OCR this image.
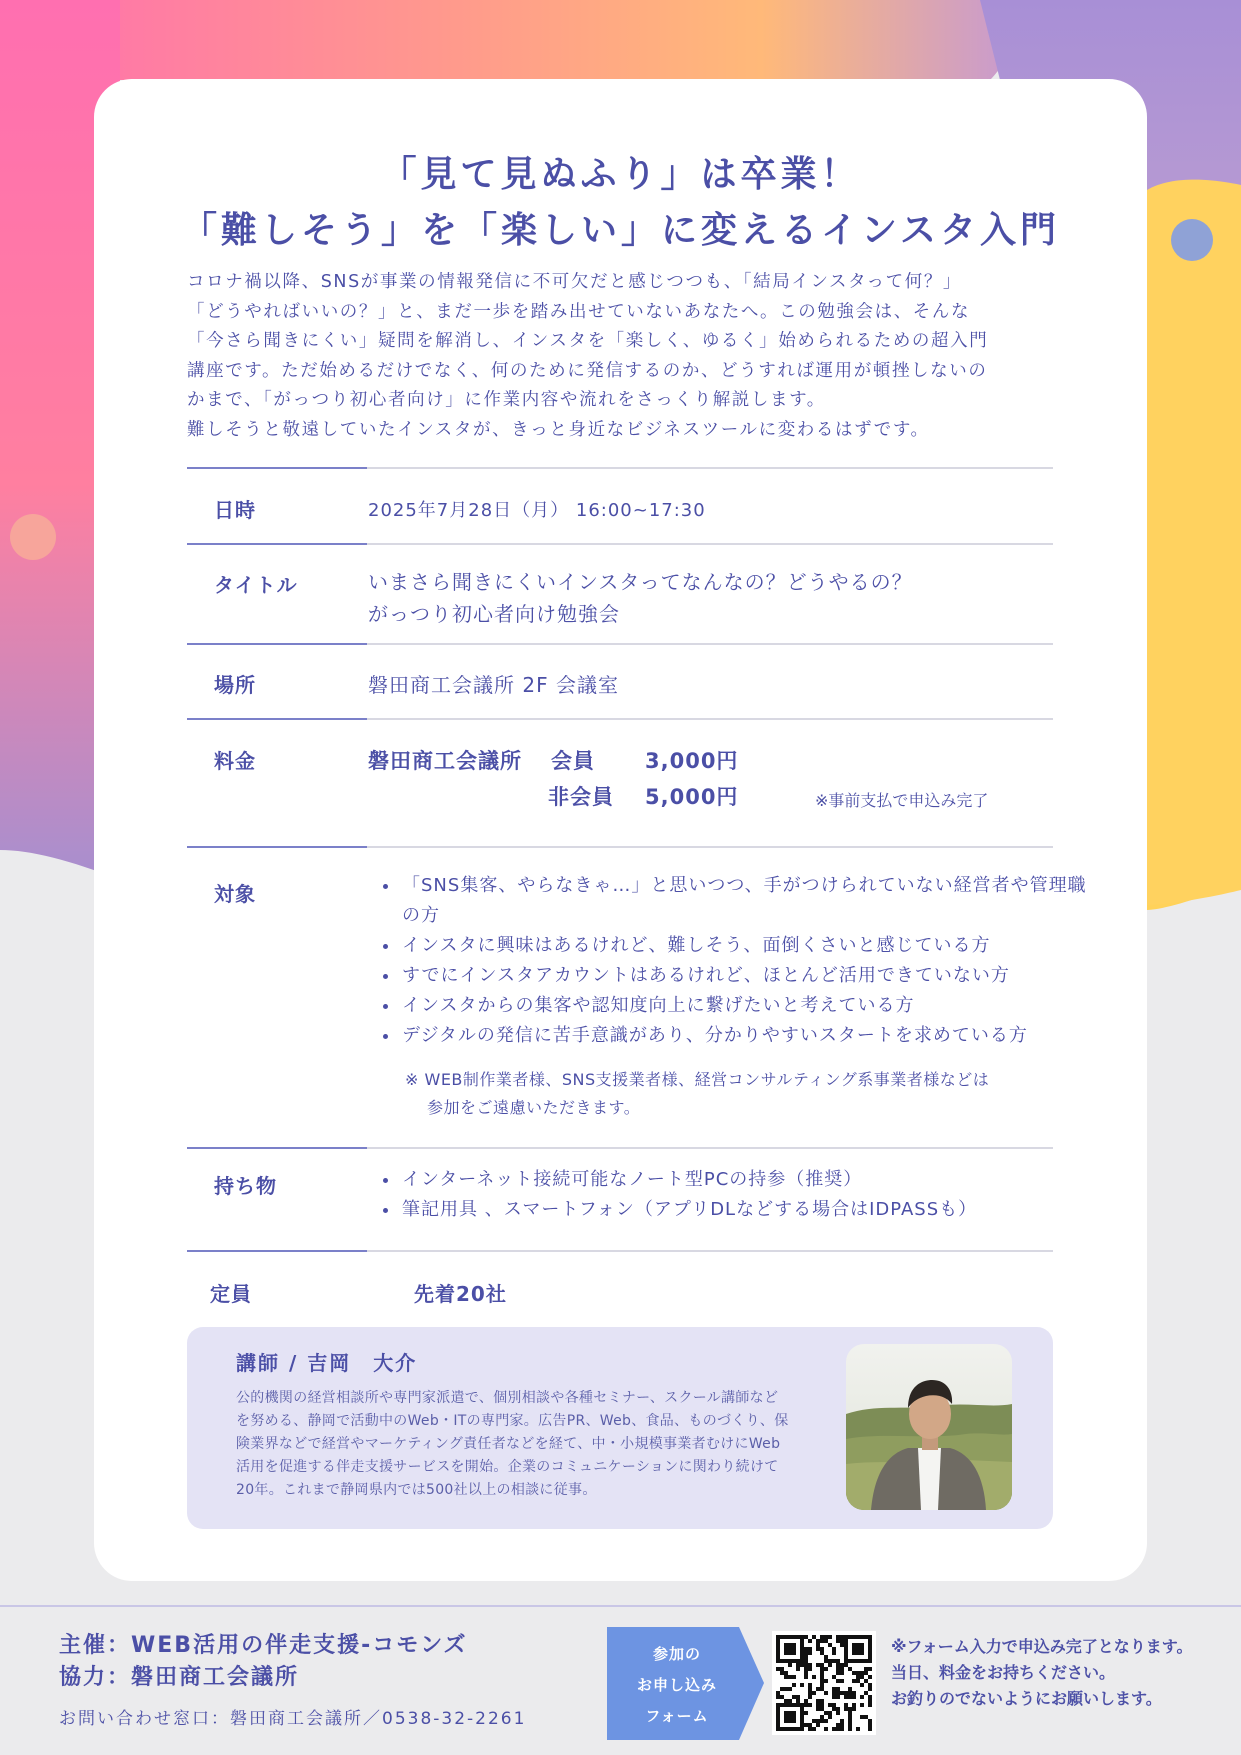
「見て見ぬふり」は卒業！
「難しそう」を「楽しい」に変えるインスタ入門
コロナ禍以降、SNSが事業の情報発信に不可欠だと感じつつも、「結局インスタって何？」
「どうやればいいの？」と、まだ一歩を踏み出せていないあなたへ。この勉強会は、そんな
「今さら聞きにくい」疑問を解消し、インスタを「楽しく、ゆるく」始められるための超入門
講座です。ただ始めるだけでなく、何のために発信するのか、どうすれば運用が頓挫しないの
かまで、「がっつり初心者向け」に作業内容や流れをさっくり解説します。
難しそうと敬遠していたインスタが、きっと身近なビジネスツールに変わるはずです。
日時	2025年7月28日（月） 16:00~17:30
タイトル	いまさら聞きにくいインスタってなんなの？どうやるの？
がっつり初心者向け勉強会
場所	磐田商工会議所 2F 会議室
料金	磐田商工会議所 会員 3,000円
非会員 5,000円	※事前支払で申込み完了
対象	• 「SNS集客、やらなきゃ…」と思いつつ、手がつけられていない経営者や管理職の方
• インスタに興味はあるけれど、難しそう、面倒くさいと感じている方
• すでにインスタアカウントはあるけれど、ほとんど活用できていない方
• インスタからの集客や認知度向上に繋げたいと考えている方
• デジタルの発信に苦手意識があり、分かりやすいスタートを求めている方
※ WEB制作業者様、SNS支援業者様、経営コンサルティング系事業者様などは
参加をご遠慮いただきます。
持ち物	• インターネット接続可能なノート型PCの持参（推奨）
• 筆記用具 、スマートフォン（アプリDLなどする場合はIDPASSも）
定員	先着20社
講師 / 吉岡　大介
公的機関の経営相談所や専門家派遣で、個別相談や各種セミナー、スクール講師など
を努める、静岡で活動中のWeb・ITの専門家。広告PR、Web、食品、ものづくり、保
険業界などで経営やマーケティング責任者などを経て、中・小規模事業者むけにWeb
活用を促進する伴走支援サービスを開始。企業のコミュニケーションに関わり続けて
20年。これまで静岡県内では500社以上の相談に従事。
主催：WEB活用の伴走支援-コモンズ
協力：磐田商工会議所
お問い合わせ窓口：磐田商工会議所／0538-32-2261
参加の
お申し込み
フォーム
※フォーム入力で申込み完了となります。
当日、料金をお持ちください。
お釣りのでないようにお願いします。
